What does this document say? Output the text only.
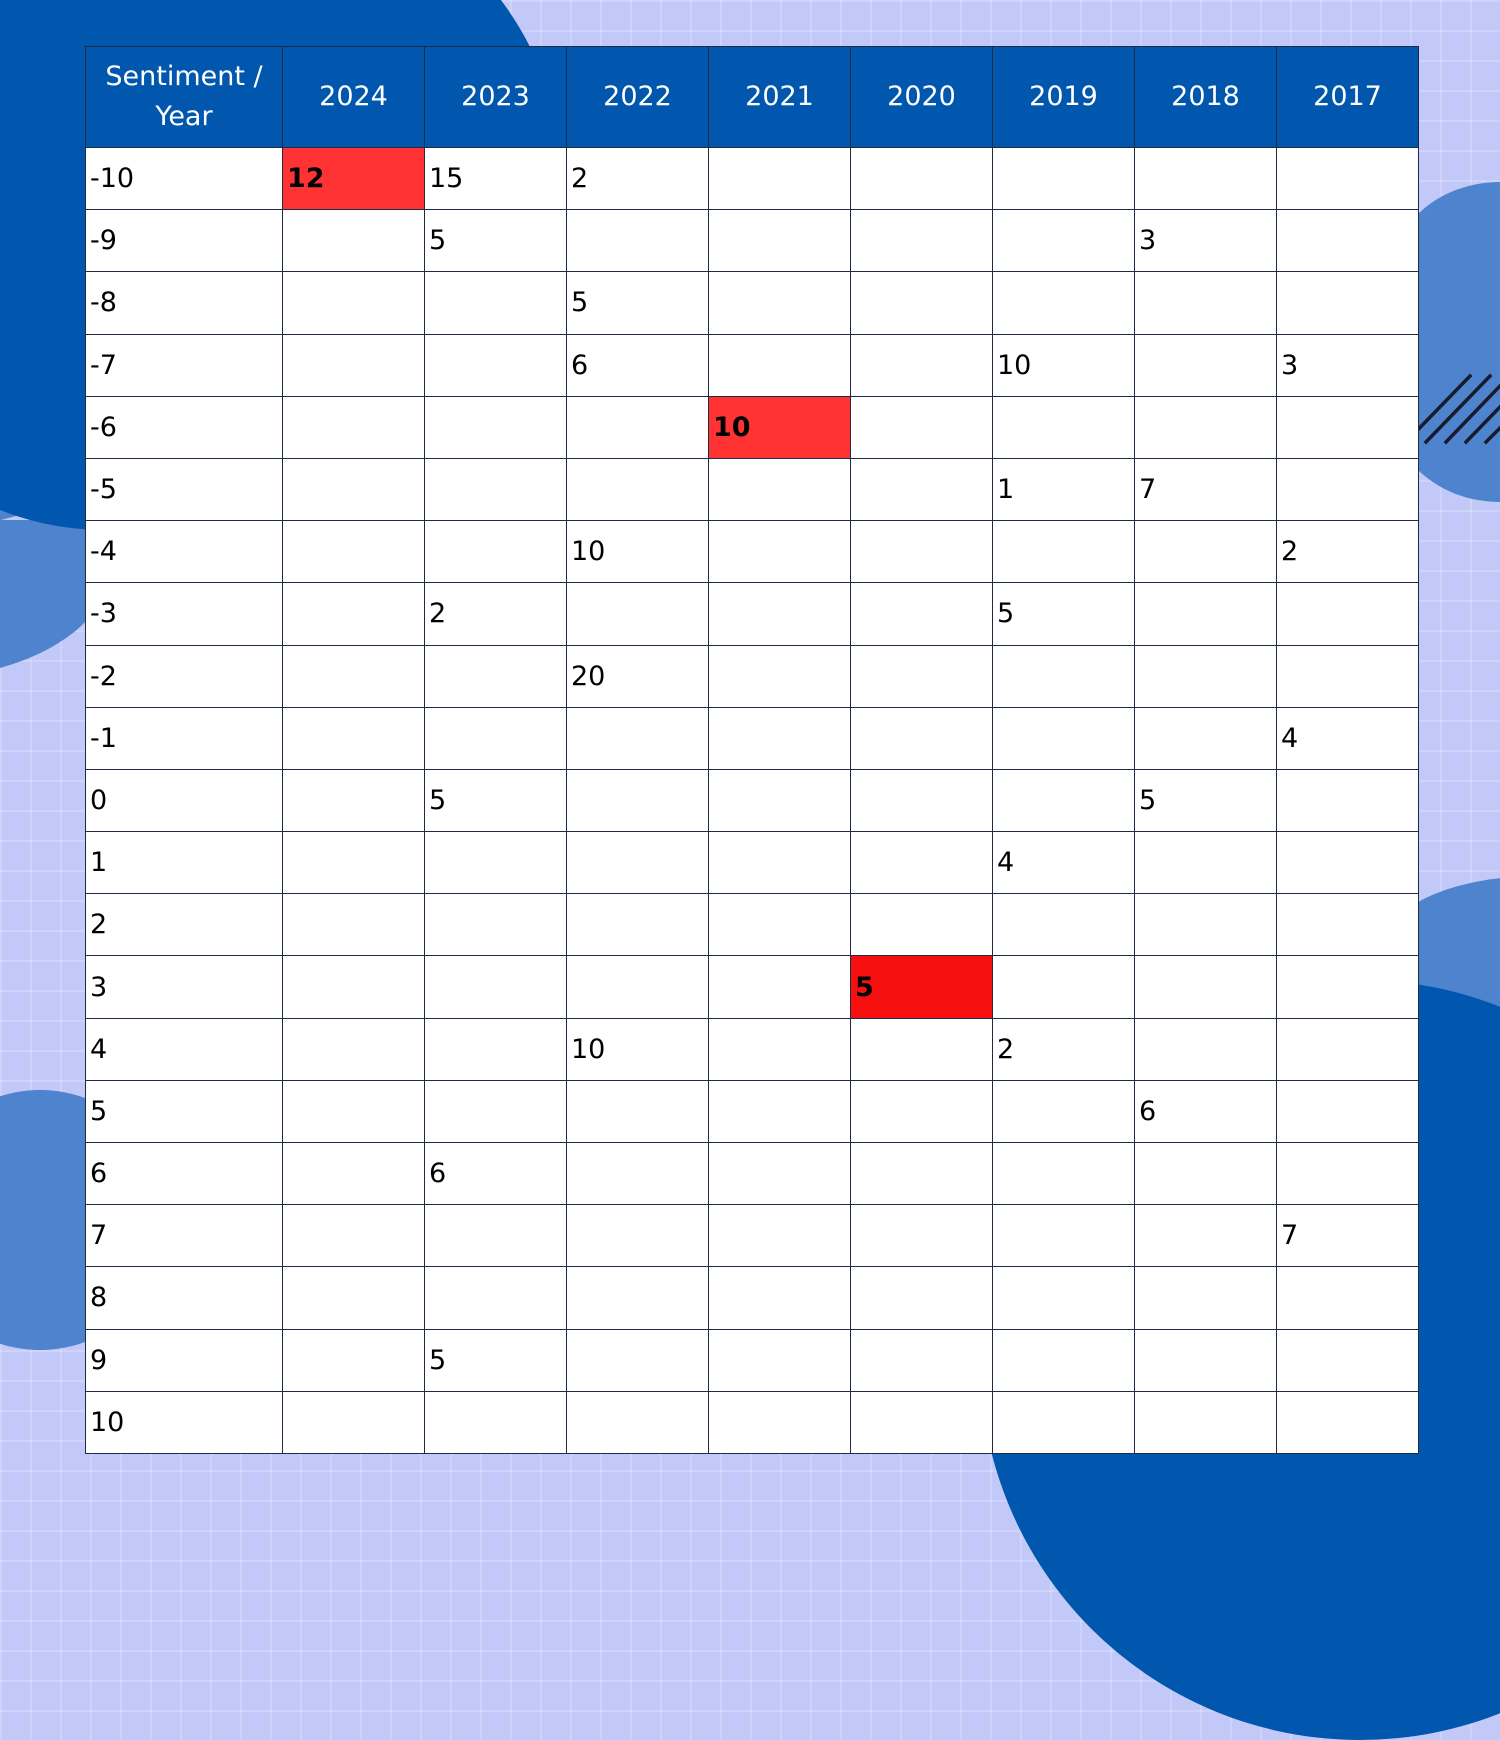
Sentiment / Year	2024	2023	2022	2021	2020	2019	2018	2017
-10	12	15	2					
-9		5					3	
-8			5					
-7			6			10		3
-6				10				
-5						1	7	
-4			10					2
-3		2				5		
-2			20					
-1								4
0		5					5	
1						4		
2								
3					5			
4			10			2		
5							6	
6		6						
7								7
8								
9		5						
10								
